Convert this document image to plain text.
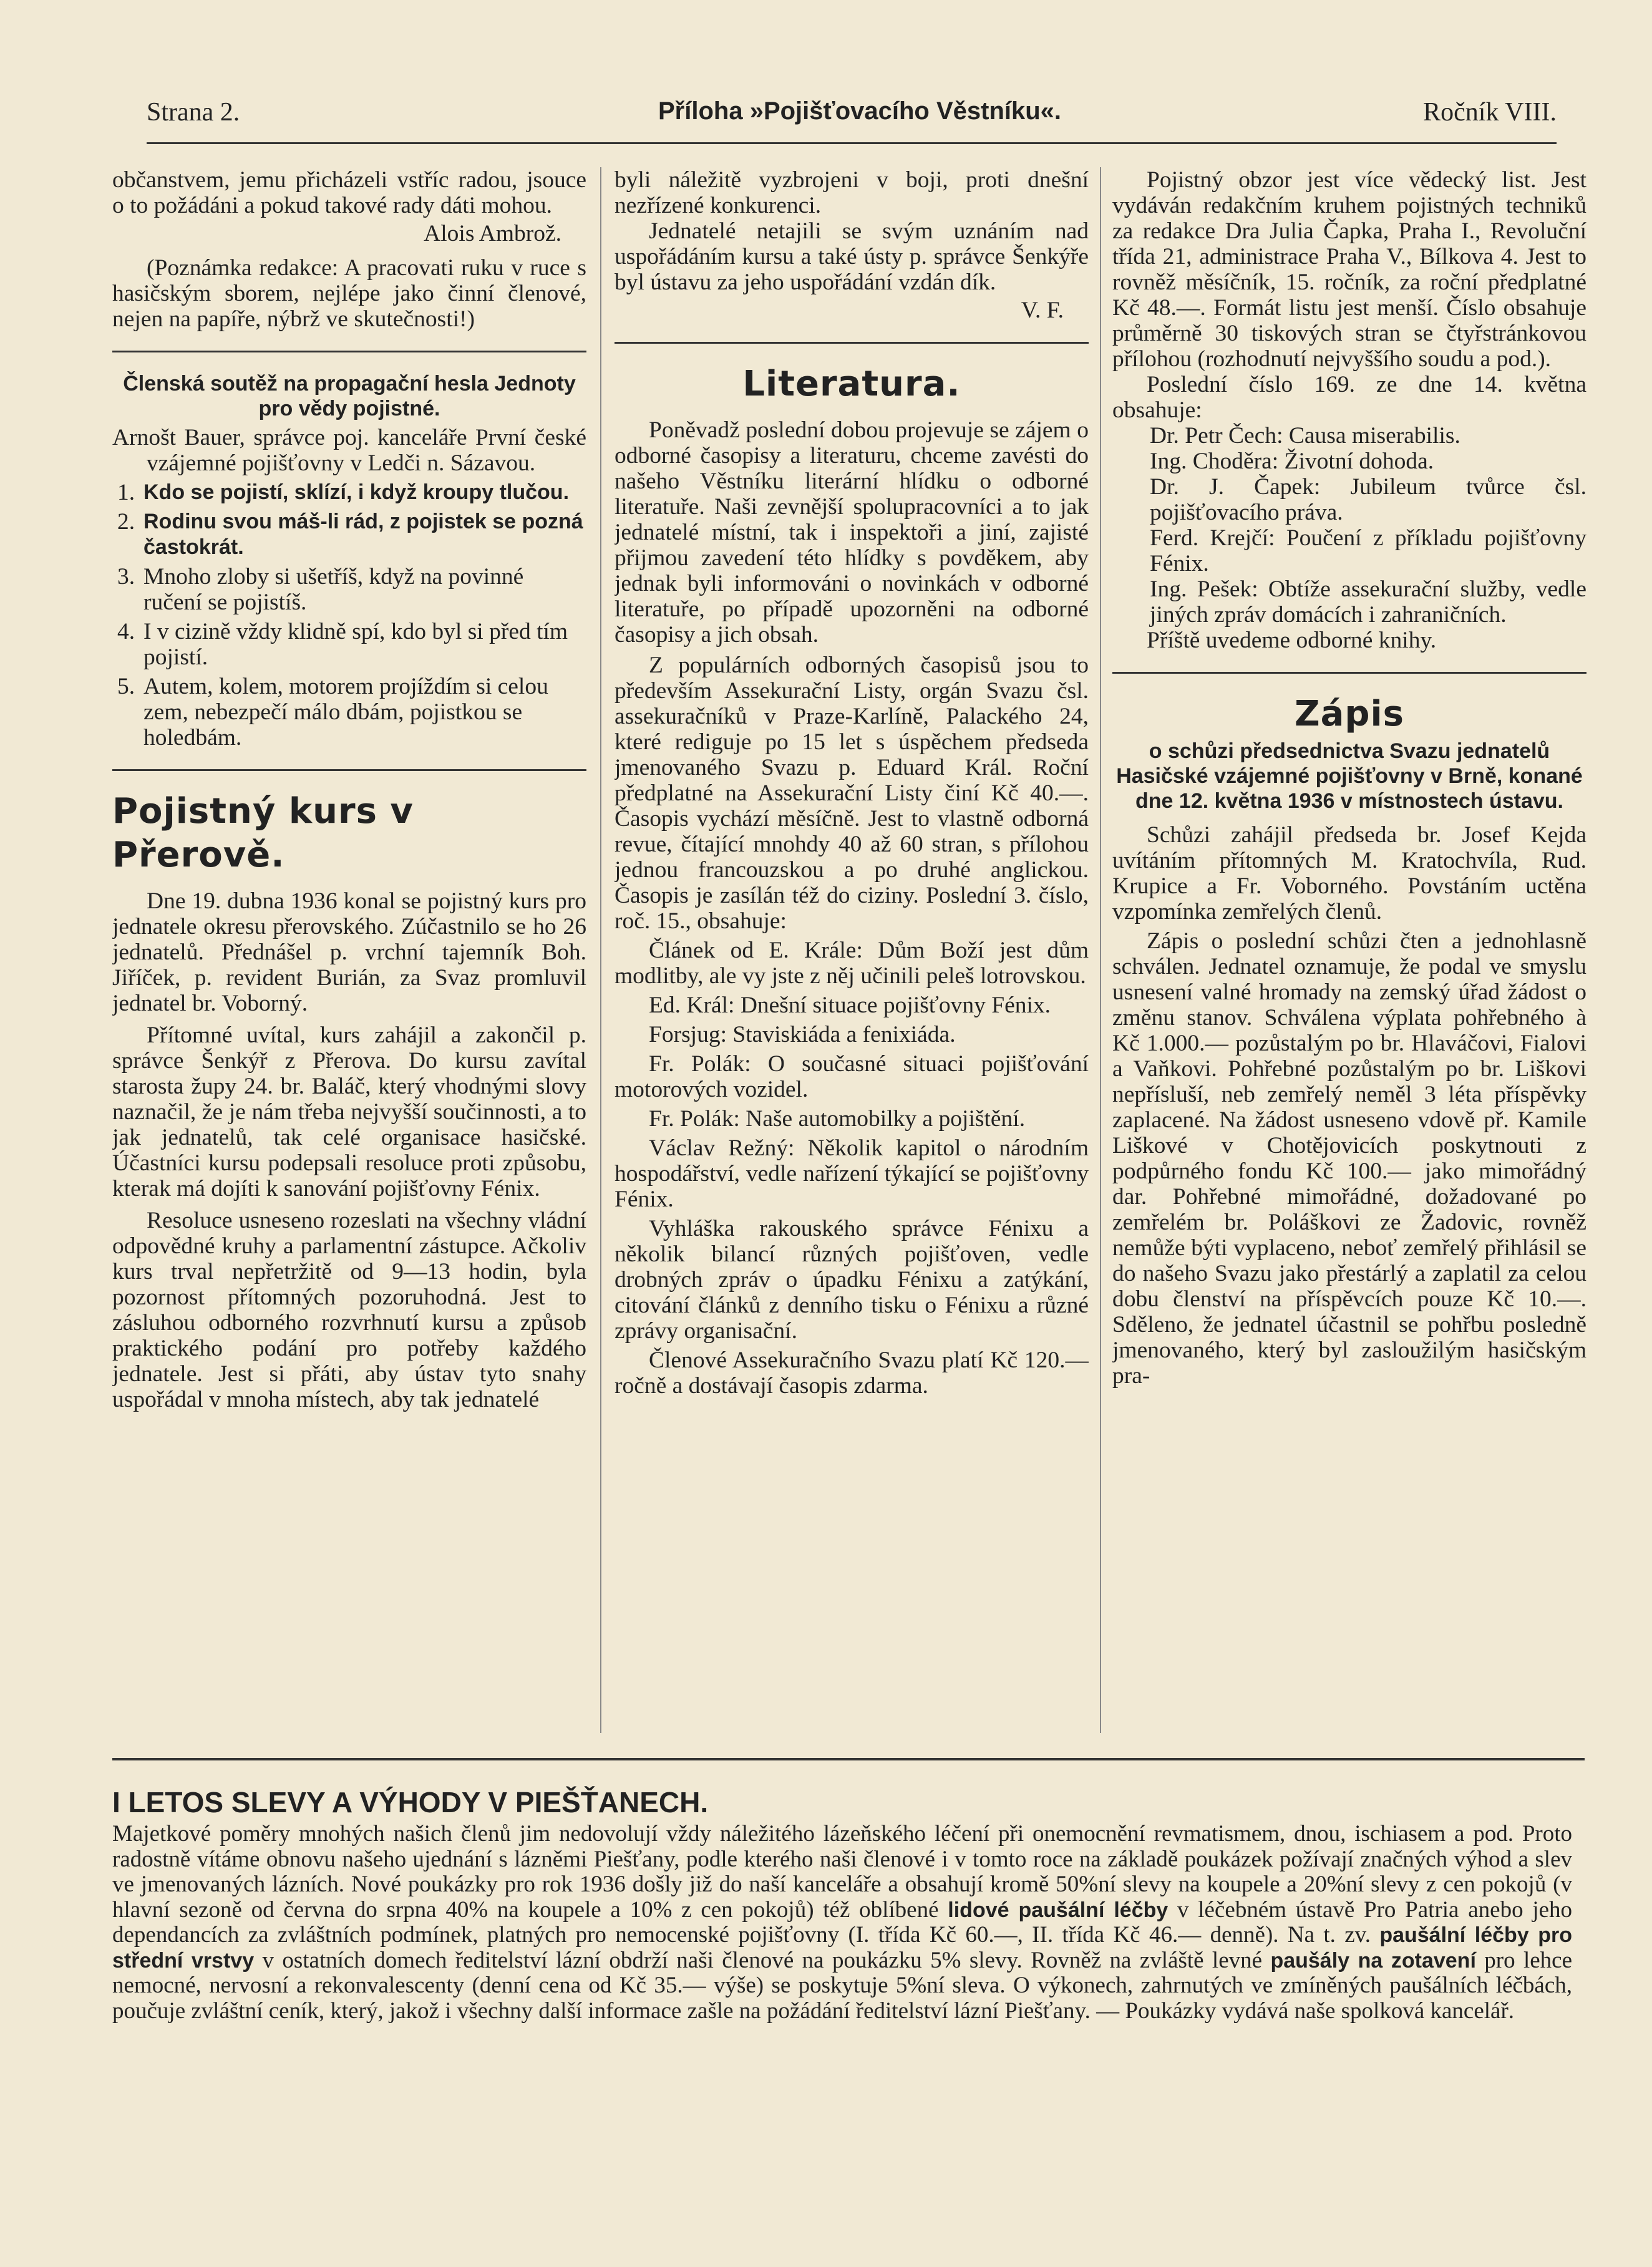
Strana 2.	Příloha »Pojišťovacího Věstníku«.	Ročník VIII.

občanstvem, jemu přicházeli vstříc radou, jsouce o to požádáni a pokud takové rady dáti mohou.

Alois Ambrož.

(Poznámka redakce: A pracovati ruku v ruce s hasičským sborem, nejlépe jako činní členové, nejen na papíře, nýbrž ve skutečnosti!)

Členská soutěž na propagační hesla Jednoty pro vědy pojistné.

Arnošt Bauer, správce poj. kanceláře První české vzájemné pojišťovny v Ledči n. Sázavou.

1. Kdo se pojistí, sklízí, i když kroupy tlučou.
2. Rodinu svou máš-li rád, z pojistek se pozná častokrát.
3. Mnoho zloby si ušetříš, když na povinné ručení se pojistíš.
4. I v cizině vždy klidně spí, kdo byl si před tím pojistí.
5. Autem, kolem, motorem projíždím si celou zem, nebezpečí málo dbám, pojistkou se holedbám.
Pojistný kurs v Přerově.

Dne 19. dubna 1936 konal se pojistný kurs pro jednatele okresu přerovského. Zúčastnilo se ho 26 jednatelů. Přednášel p. vrchní tajemník Boh. Jiříček, p. revident Burián, za Svaz promluvil jednatel br. Voborný.

Přítomné uvítal, kurs zahájil a zakončil p. správce Šenkýř z Přerova. Do kursu zavítal starosta župy 24. br. Baláč, který vhodnými slovy naznačil, že je nám třeba nejvyšší součinnosti, a to jak jednatelů, tak celé organisace hasičské. Účastníci kursu podepsali resoluce proti způsobu, kterak má dojíti k sanování pojišťovny Fénix.

Resoluce usneseno rozeslati na všechny vládní odpovědné kruhy a parlamentní zástupce. Ačkoliv kurs trval nepřetržitě od 9—13 hodin, byla pozornost přítomných pozoruhodná. Jest to zásluhou odborného rozvrhnutí kursu a způsob praktického podání pro potřeby každého jednatele. Jest si přáti, aby ústav tyto snahy uspořádal v mnoha místech, aby tak jednatelé

byli náležitě vyzbrojeni v boji, proti dnešní nezřízené konkurenci.

Jednatelé netajili se svým uznáním nad uspořádáním kursu a také ústy p. správce Šenkýře byl ústavu za jeho uspořádání vzdán dík.

V. F.

Literatura.

Poněvadž poslední dobou projevuje se zájem o odborné časopisy a literaturu, chceme zavésti do našeho Věstníku literární hlídku o odborné literatuře. Naši zevnější spolupracovníci a to jak jednatelé místní, tak i inspektoři a jiní, zajisté přijmou zavedení této hlídky s povděkem, aby jednak byli informováni o novinkách v odborné literatuře, po případě upozorněni na odborné časopisy a jich obsah.

Z populárních odborných časopisů jsou to především Assekurační Listy, orgán Svazu čsl. assekuračníků v Praze-Karlíně, Palackého 24, které rediguje po 15 let s úspěchem předseda jmenovaného Svazu p. Eduard Král. Roční předplatné na Assekurační Listy činí Kč 40.—. Časopis vychází měsíčně. Jest to vlastně odborná revue, čítající mnohdy 40 až 60 stran, s přílohou jednou francouzskou a po druhé anglickou. Časopis je zasílán též do ciziny. Poslední 3. číslo, roč. 15., obsahuje:

Článek od E. Krále: Dům Boží jest dům modlitby, ale vy jste z něj učinili peleš lotrovskou.

Ed. Král: Dnešní situace pojišťovny Fénix.

Forsjug: Staviskiáda a fenixiáda.

Fr. Polák: O současné situaci pojišťování motorových vozidel.

Fr. Polák: Naše automobilky a pojištění.

Václav Režný: Několik kapitol o národním hospodářství, vedle nařízení týkající se pojišťovny Fénix.

Vyhláška rakouského správce Fénixu a několik bilancí různých pojišťoven, vedle drobných zpráv o úpadku Fénixu a zatýkání, citování článků z denního tisku o Fénixu a různé zprávy organisační.

Členové Assekuračního Svazu platí Kč 120.— ročně a dostávají časopis zdarma.

Pojistný obzor jest více vědecký list. Jest vydáván redakčním kruhem pojistných techniků za redakce Dra Julia Čapka, Praha I., Revoluční třída 21, administrace Praha V., Bílkova 4. Jest to rovněž měsíčník, 15. ročník, za roční předplatné Kč 48.—. Formát listu jest menší. Číslo obsahuje průměrně 30 tiskových stran se čtyřstránkovou přílohou (rozhodnutí nejvyššího soudu a pod.).

Poslední číslo 169. ze dne 14. května obsahuje:

Dr. Petr Čech: Causa miserabilis.

Ing. Choděra: Životní dohoda.

Dr. J. Čapek: Jubileum tvůrce čsl. pojišťovacího práva.

Ferd. Krejčí: Poučení z příkladu pojišťovny Fénix.

Ing. Pešek: Obtíže assekurační služby, vedle jiných zpráv domácích i zahraničních.

Příště uvedeme odborné knihy.

Zápis

o schůzi předsednictva Svazu jednatelů Hasičské vzájemné pojišťovny v Brně, konané dne 12. května 1936 v místnostech ústavu.

Schůzi zahájil předseda br. Josef Kejda uvítáním přítomných M. Kratochvíla, Rud. Krupice a Fr. Voborného. Povstáním uctěna vzpomínka zemřelých členů.

Zápis o poslední schůzi čten a jednohlasně schválen. Jednatel oznamuje, že podal ve smyslu usnesení valné hromady na zemský úřad žádost o změnu stanov. Schválena výplata pohřebného à Kč 1.000.— pozůstalým po br. Hlaváčovi, Fialovi a Vaňkovi. Pohřebné pozůstalým po br. Liškovi nepřísluší, neb zemřelý neměl 3 léta příspěvky zaplacené. Na žádost usneseno vdově př. Kamile Liškové v Chotějovicích poskytnouti z podpůrného fondu Kč 100.— jako mimořádný dar. Pohřebné mimořádné, dožadované po zemřelém br. Poláškovi ze Žadovic, rovněž nemůže býti vyplaceno, neboť zemřelý přihlásil se do našeho Svazu jako přestárlý a zaplatil za celou dobu členství na příspěvcích pouze Kč 10.—. Sděleno, že jednatel účastnil se pohřbu posledně jmenovaného, který byl zasloužilým hasičským pra-

I LETOS SLEVY A VÝHODY V PIEŠŤANECH.

Majetkové poměry mnohých našich členů jim nedovolují vždy náležitého lázeňského léčení při onemocnění revmatismem, dnou, ischiasem a pod. Proto radostně vítáme obnovu našeho ujednání s lázněmi Piešťany, podle kterého naši členové i v tomto roce na základě poukázek požívají značných výhod a slev ve jmenovaných lázních. Nové poukázky pro rok 1936 došly již do naší kanceláře a obsahují kromě 50%ní slevy na koupele a 20%ní slevy z cen pokojů (v hlavní sezoně od června do srpna 40% na koupele a 10% z cen pokojů) též oblíbené lidové paušální léčby v léčebném ústavě Pro Patria anebo jeho dependancích za zvláštních podmínek, platných pro nemocenské pojišťovny (I. třída Kč 60.—, II. třída Kč 46.— denně). Na t. zv. paušální léčby pro střední vrstvy v ostatních domech ředitelství lázní obdrží naši členové na poukázku 5% slevy. Rovněž na zvláště levné paušály na zotavení pro lehce nemocné, nervosní a rekonvalescenty (denní cena od Kč 35.— výše) se poskytuje 5%ní sleva. O výkonech, zahrnutých ve zmíněných paušálních léčbách, poučuje zvláštní ceník, který, jakož i všechny další informace zašle na požádání ředitelství lázní Piešťany. — Poukázky vydává naše spolková kancelář.
